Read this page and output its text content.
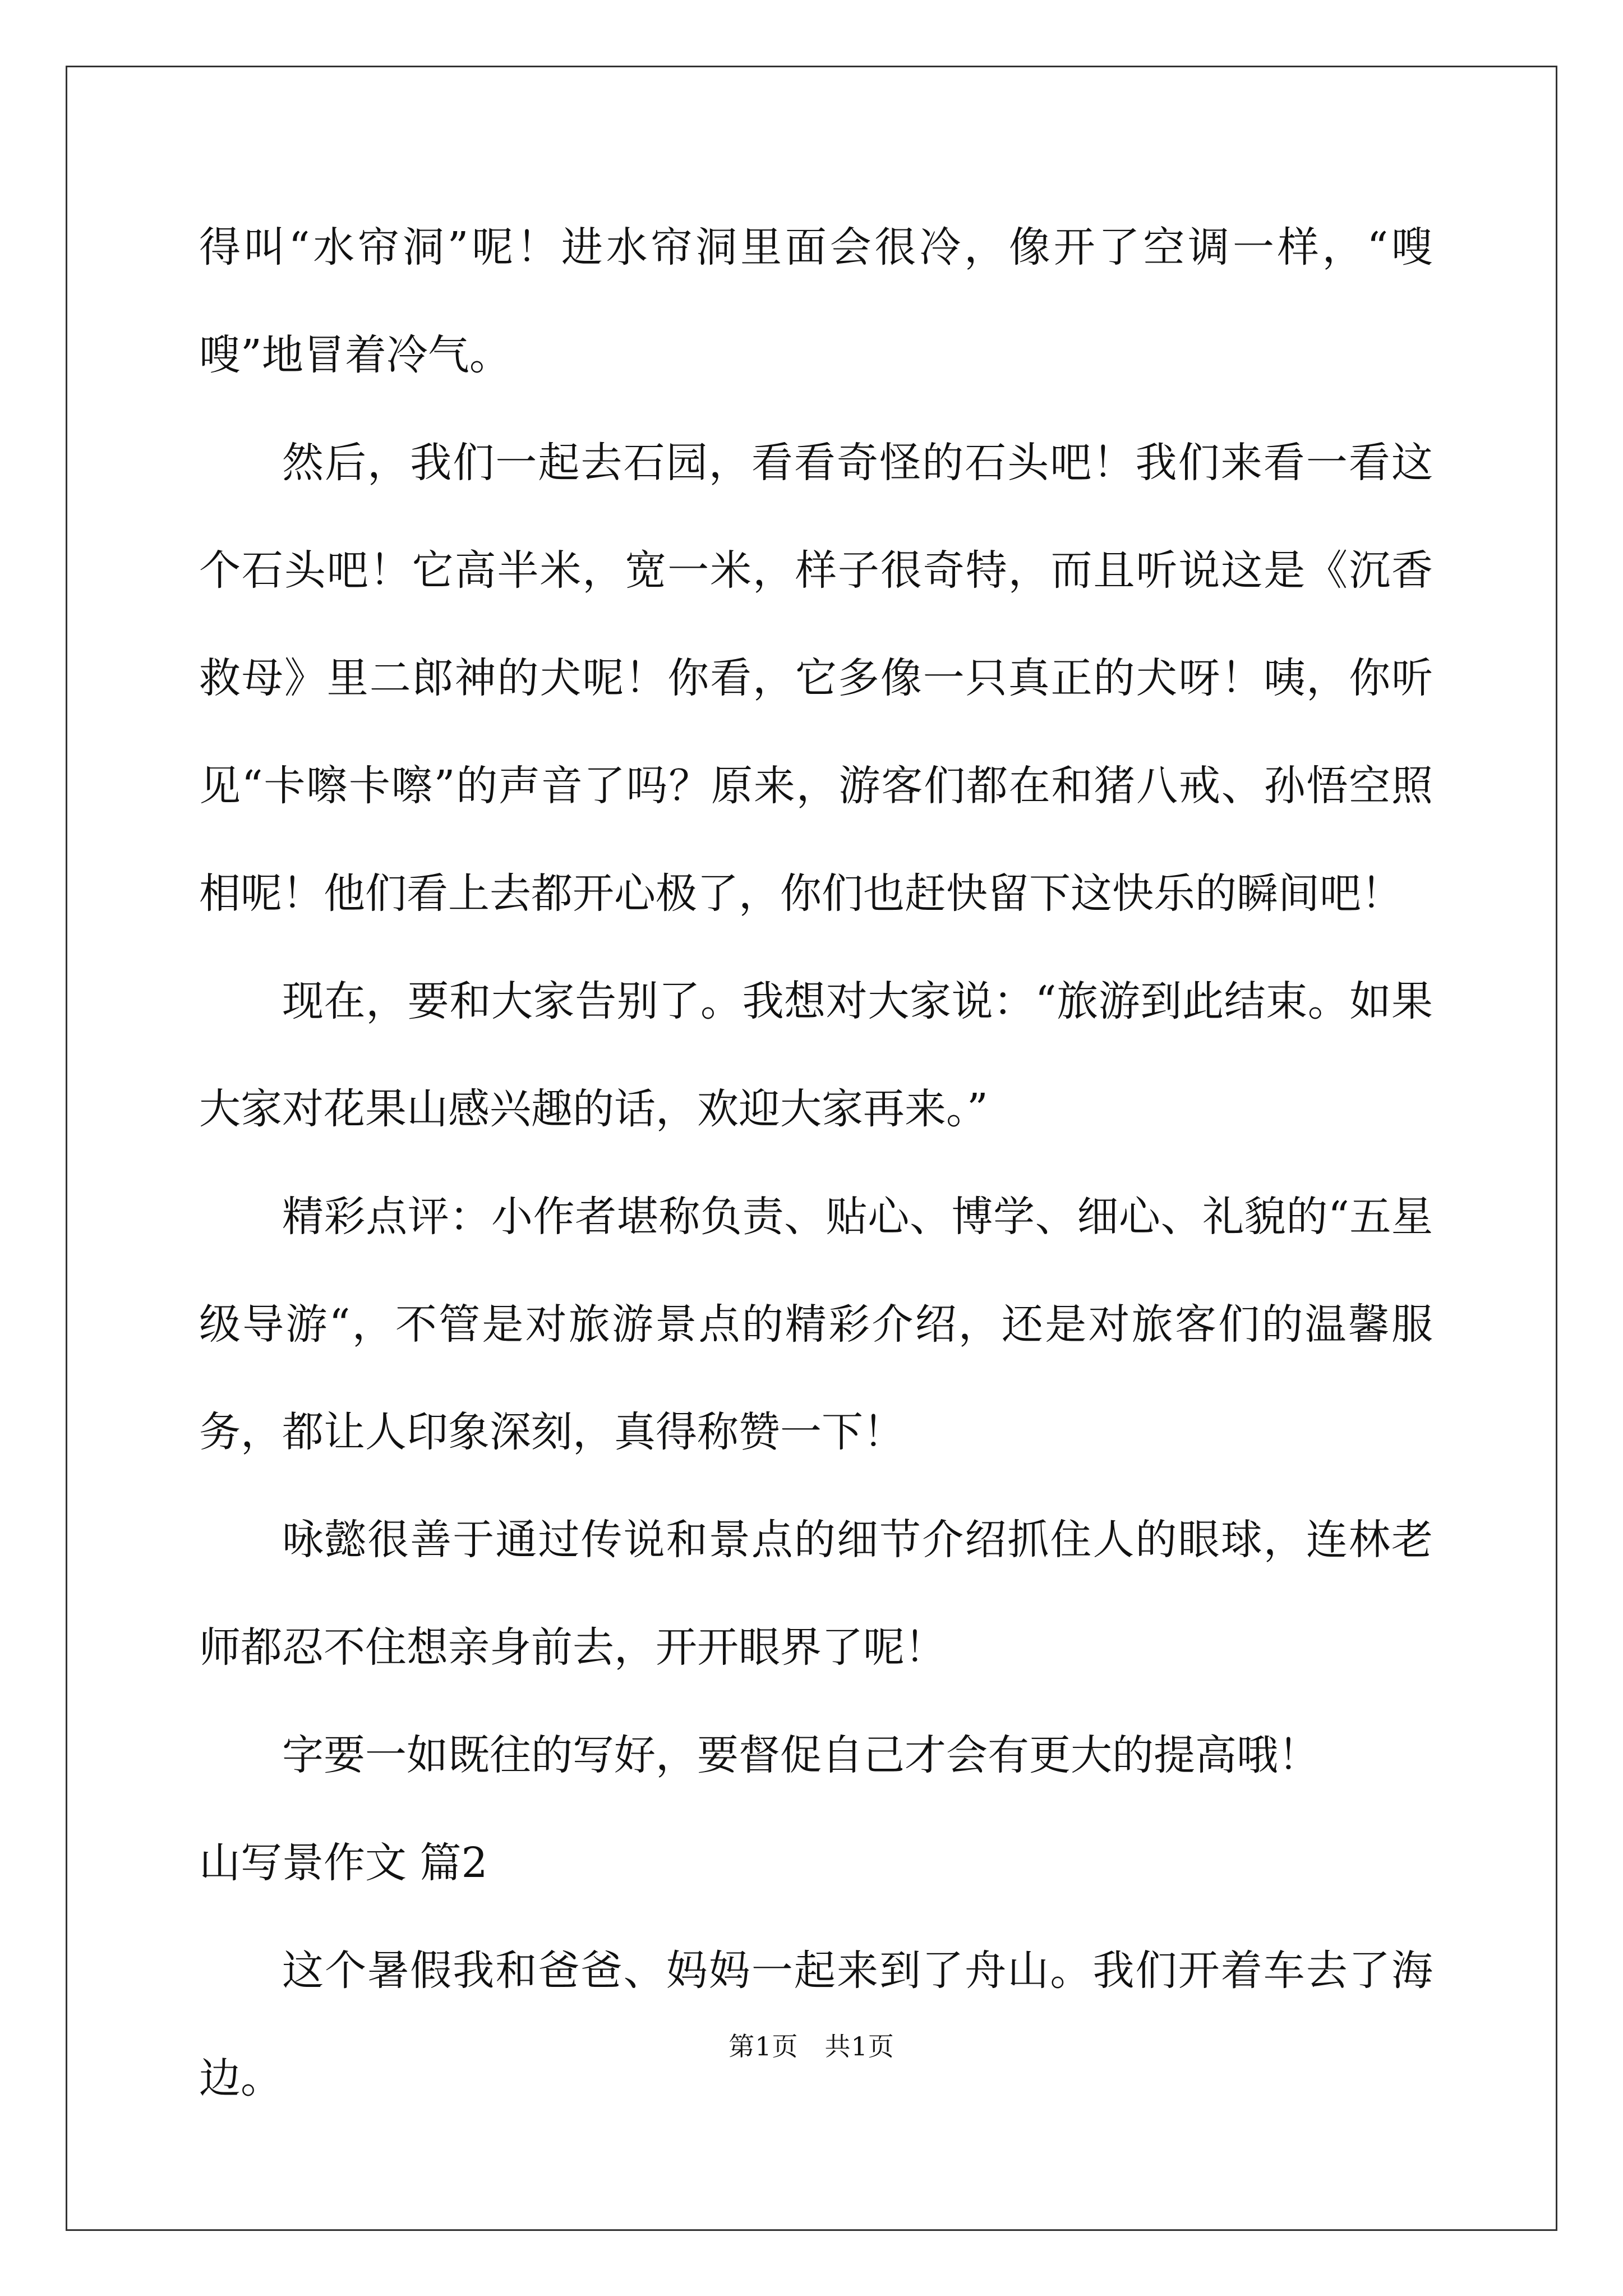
得叫“水帘洞”呢！进水帘洞里面会很冷，像开了空调一样，“嗖嗖”地冒着冷气。

然后，我们一起去石园，看看奇怪的石头吧！我们来看一看这个石头吧！它高半米，宽一米，样子很奇特，而且听说这是《沉香救母》里二郎神的犬呢！你看，它多像一只真正的犬呀！咦，你听见“卡嚓卡嚓”的声音了吗？原来，游客们都在和猪八戒、孙悟空照相呢！他们看上去都开心极了，你们也赶快留下这快乐的瞬间吧！

现在，要和大家告别了。我想对大家说：“旅游到此结束。如果大家对花果山感兴趣的话，欢迎大家再来。”

精彩点评：小作者堪称负责、贴心、博学、细心、礼貌的“五星级导游“，不管是对旅游景点的精彩介绍，还是对旅客们的温馨服务，都让人印象深刻，真得称赞一下！

咏懿很善于通过传说和景点的细节介绍抓住人的眼球，连林老师都忍不住想亲身前去，开开眼界了呢！

字要一如既往的写好，要督促自己才会有更大的提高哦！

山写景作文 篇2

这个暑假我和爸爸、妈妈一起来到了舟山。我们开着车去了海边。

第1页　共1页
